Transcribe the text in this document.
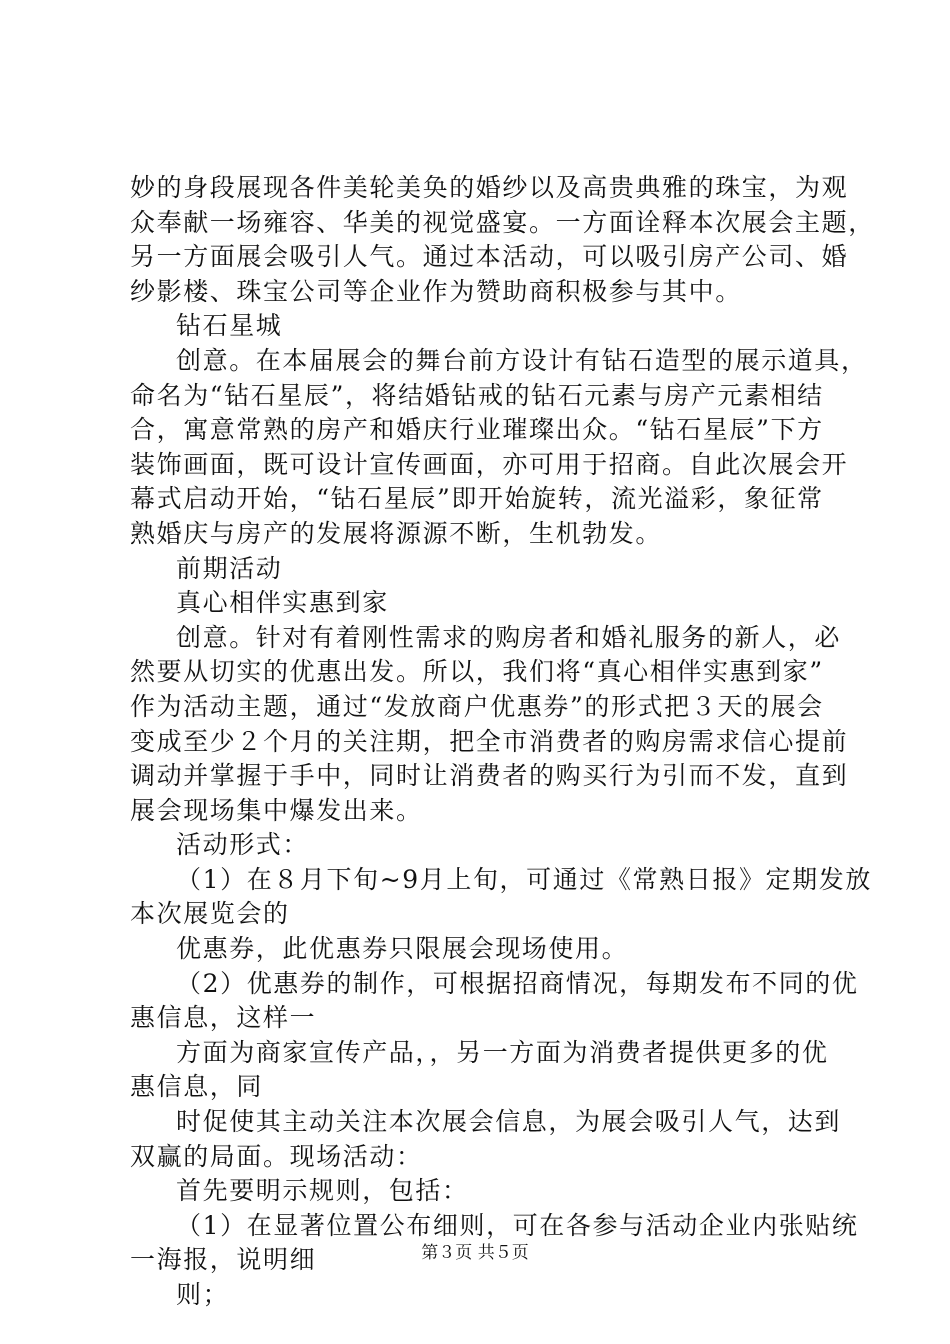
妙的身段展现各件美轮美奂的婚纱以及高贵典雅的珠宝，为观
众奉献一场雍容、华美的视觉盛宴。一方面诠释本次展会主题，
另一方面展会吸引人气。通过本活动，可以吸引房产公司、婚
纱影楼、珠宝公司等企业作为赞助商积极参与其中。
钻石星城
创意。在本届展会的舞台前方设计有钻石造型的展示道具，
命名为“钻石星辰”，将结婚钻戒的钻石元素与房产元素相结
合，寓意常熟的房产和婚庆行业璀璨出众。“钻石星辰”下方
装饰画面，既可设计宣传画面，亦可用于招商。自此次展会开
幕式启动开始，“钻石星辰”即开始旋转，流光溢彩，象征常
熟婚庆与房产的发展将源源不断，生机勃发。
前期活动
真心相伴实惠到家
创意。针对有着刚性需求的购房者和婚礼服务的新人，必
然要从切实的优惠出发。所以，我们将“真心相伴实惠到家”
作为活动主题，通过“发放商户优惠券”的形式把３天的展会
变成至少２个月的关注期，把全市消费者的购房需求信心提前
调动并掌握于手中，同时让消费者的购买行为引而不发，直到
展会现场集中爆发出来。
活动形式：
（1）在８月下旬~9月上旬，可通过《常熟日报》定期发放
本次展览会的
优惠券，此优惠券只限展会现场使用。
（2）优惠券的制作，可根据招商情况，每期发布不同的优
惠信息，这样一
方面为商家宣传产品，，另一方面为消费者提供更多的优
惠信息，同
时促使其主动关注本次展会信息，为展会吸引人气，达到
双赢的局面。现场活动：
首先要明示规则，包括：
（1）在显著位置公布细则，可在各参与活动企业内张贴统
一海报，说明细
则；
第３页 共５页
